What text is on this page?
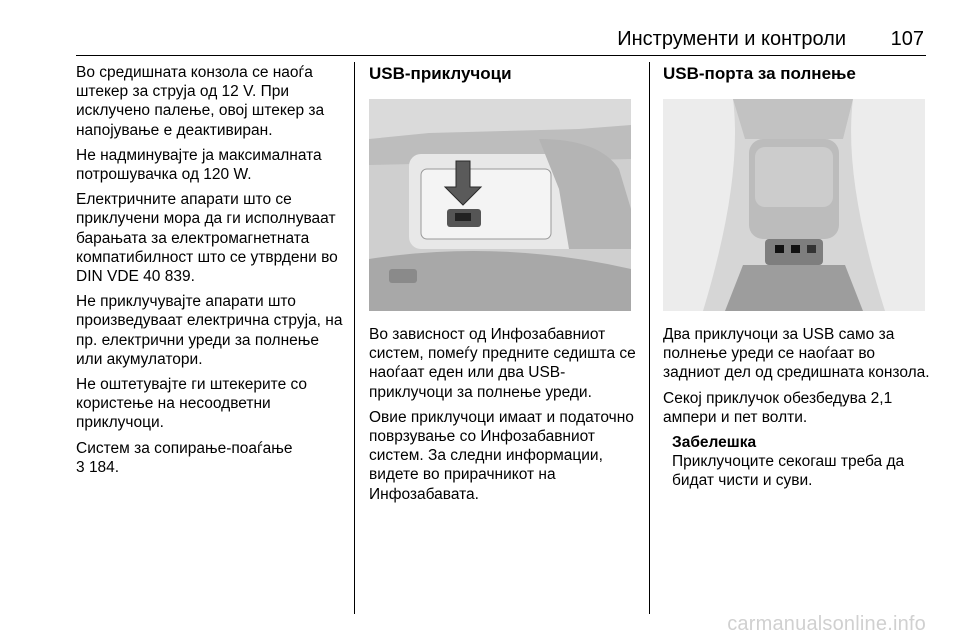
Инструменти и контроли 107

Во средишната конзола се наоѓа штекер за струја од 12 V. При исклучено палење, овој штекер за напојување е деактивиран.

Не надминувајте ја максималната потрошувачка од 120 W.

Електричните апарати што се приклучени мора да ги исполнуваат барањата за електромагнетната компатибилност што се утврдени во DIN VDE 40 839.

Не приклучувајте апарати што произведуваат електрична струја, на пр. електрични уреди за полнење или акумулатори.

Не оштетувајте ги штекерите со користење на несоодветни приклучоци.

Систем за сопирање-поаѓање
3 184.

USB-приклучоци

Во зависност од Инфозабавниот систем, помеѓу предните седишта се наоѓаат еден или два USB-приклучоци за полнење уреди.

Овие приклучоци имаат и податочно поврзување со Инфозабавниот систем. За следни информации, видете во прирачникот на Инфозабавата.

USB-порта за полнење

Два приклучоци за USB само за полнење уреди се наоѓаат во задниот дел од средишната конзола.

Секој приклучок обезбедува 2,1 ампери и пет волти.

Забелешка
Приклучоците секогаш треба да бидат чисти и суви.
carmanualsonline.info
